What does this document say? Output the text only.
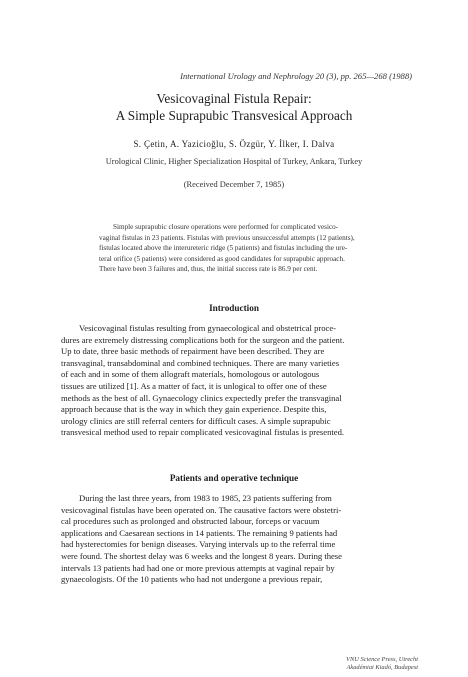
International Urology and Nephrology 20 (3), pp. 265—268 (1988)
Vesicovaginal Fistula Repair:
A Simple Suprapubic Transvesical Approach
S. Çetin, A. Yazicioğlu, S. Özgür, Y. İlker, I. Dalva
Urological Clinic, Higher Specialization Hospital of Turkey, Ankara, Turkey
(Received December 7, 1985)
Simple suprapubic closure operations were performed for complicated vesico-
vaginal fistulas in 23 patients. Fistulas with previous unsuccessful attempts (12 patients),
fistulas located above the interureteric ridge (5 patients) and fistulas including the ure-
teral orifice (5 patients) were considered as good candidates for suprapubic approach.
There have been 3 failures and, thus, the initial success rate is 86.9 per cent.
Introduction
Vesicovaginal fistulas resulting from gynaecological and obstetrical proce-
dures are extremely distressing complications both for the surgeon and the patient.
Up to date, three basic methods of repairment have been described. They are
transvaginal, transabdominal and combined techniques. There are many varieties
of each and in some of them allograft materials, homologous or autologous
tissues are utilized [1]. As a matter of fact, it is unlogical to offer one of these
methods as the best of all. Gynaecology clinics expectedly prefer the transvaginal
approach because that is the way in which they gain experience. Despite this,
urology clinics are still referral centers for difficult cases. A simple suprapubic
transvesical method used to repair complicated vesicovaginal fistulas is presented.
Patients and operative technique
During the last three years, from 1983 to 1985, 23 patients suffering from
vesicovaginal fistulas have been operated on. The causative factors were obstetri-
cal procedures such as prolonged and obstructed labour, forceps or vacuum
applications and Caesarean sections in 14 patients. The remaining 9 patients had
had hysterectomies for benign diseases. Varying intervals up to the referral time
were found. The shortest delay was 6 weeks and the longest 8 years. During these
intervals 13 patients had had one or more previous attempts at vaginal repair by
gynaecologists. Of the 10 patients who had not undergone a previous repair,
VNU Science Press, Utrecht
Akadémiai Kiadó, Budapest
